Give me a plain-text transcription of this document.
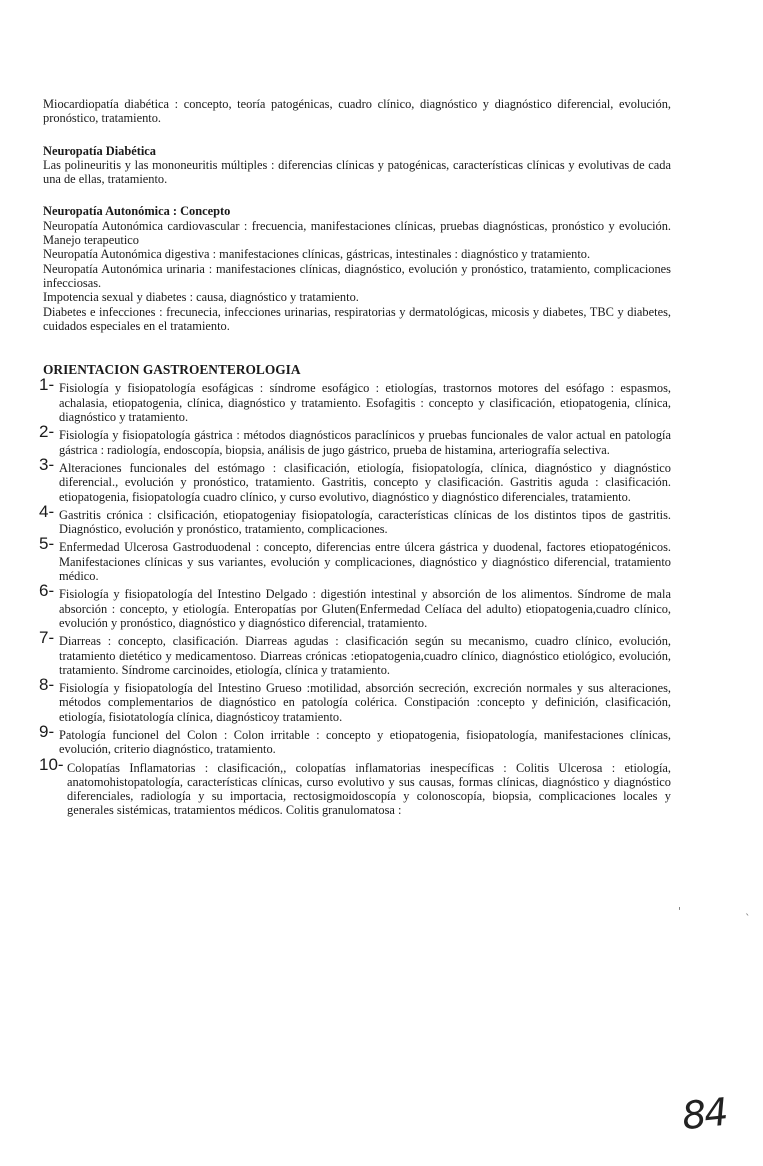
Miocardiopatía diabética : concepto, teoría patogénicas, cuadro clínico, diagnóstico y diagnóstico diferencial, evolución, pronóstico, tratamiento.

Neuropatía Diabética

Las polineuritis y las mononeuritis múltiples : diferencias clínicas y patogénicas, características clínicas y evolutivas de cada una de ellas, tratamiento.

Neuropatía Autonómica : Concepto

Neuropatía Autonómica cardiovascular : frecuencia, manifestaciones clínicas, pruebas diagnósticas, pronóstico y evolución. Manejo terapeutico

Neuropatía Autonómica digestiva : manifestaciones clínicas, gástricas, intestinales : diagnóstico y tratamiento.

Neuropatía Autonómica urinaria : manifestaciones clínicas, diagnóstico, evolución y pronóstico, tratamiento, complicaciones infecciosas.

Impotencia sexual y diabetes : causa, diagnóstico y tratamiento.

Diabetes e infecciones : frecunecia, infecciones urinarias, respiratorias y dermatológicas, micosis y diabetes, TBC y diabetes, cuidados especiales en el tratamiento.

ORIENTACION GASTROENTEROLOGIA

1- Fisiología y fisiopatología esofágicas : síndrome esofágico : etiologías, trastornos motores del esófago : espasmos, achalasia, etiopatogenia, clínica, diagnóstico y tratamiento. Esofagitis : concepto y clasificación, etiopatogenia, clínica, diagnóstico y tratamiento.
2- Fisiología y fisiopatología gástrica : métodos diagnósticos paraclínicos y pruebas funcionales de valor actual en patología gástrica : radiología, endoscopía, biopsia, análisis de jugo gástrico, prueba de histamina, arteriografía selectiva.
3- Alteraciones funcionales del estómago : clasificación, etiología, fisiopatología, clínica, diagnóstico y diagnóstico diferencial., evolución y pronóstico, tratamiento. Gastritis, concepto y clasificación. Gastritis aguda : clasificación. etiopatogenia, fisiopatología cuadro clínico, y curso evolutivo, diagnóstico y diagnóstico diferenciales, tratamiento.
4- Gastritis crónica : clsificación, etiopatogeniay fisiopatología, características clínicas de los distintos tipos de gastritis. Diagnóstico, evolución y pronóstico, tratamiento, complicaciones.
5- Enfermedad Ulcerosa Gastroduodenal : concepto, diferencias entre úlcera gástrica y duodenal, factores etiopatogénicos. Manifestaciones clínicas y sus variantes, evolución y complicaciones, diagnóstico y diagnóstico diferencial, tratamiento médico.
6- Fisiología y fisiopatología del Intestino Delgado : digestión intestinal y absorción de los alimentos. Síndrome de mala absorción : concepto, y etiología. Enteropatías por Gluten(Enfermedad Celíaca del adulto) etiopatogenia,cuadro clínico, evolución y pronóstico, diagnóstico y diagnóstico diferencial, tratamiento.
7- Diarreas : concepto, clasificación. Diarreas agudas : clasificación según su mecanismo, cuadro clínico, evolución, tratamiento dietético y medicamentoso. Diarreas crónicas :etiopatogenia,cuadro clínico, diagnóstico etiológico, evolución, tratamiento. Síndrome carcinoides, etiología, clínica y tratamiento.
8- Fisiología y fisiopatología del Intestino Grueso :motilidad, absorción secreción, excreción normales y sus alteraciones, métodos complementarios de diagnóstico en patología colérica. Constipación :concepto y definición, clasificación, etiología, fisiotatología clínica, diagnósticoy tratamiento.
9- Patología funcionel del Colon : Colon irritable : concepto y etiopatogenia, fisiopatología, manifestaciones clínicas, evolución, criterio diagnóstico, tratamiento.
10- Colopatías Inflamatorias : clasificación,, colopatías inflamatorias inespecíficas : Colitis Ulcerosa : etiología, anatomohistopatología, características clínicas, curso evolutivo y sus causas, formas clínicas, diagnóstico y diagnóstico diferenciales, radiología y su importacia, rectosigmoidoscopía y colonoscopía, biopsia, complicaciones locales y generales sistémicas, tratamientos médicos. Colitis granulomatosa :
'
`
84
